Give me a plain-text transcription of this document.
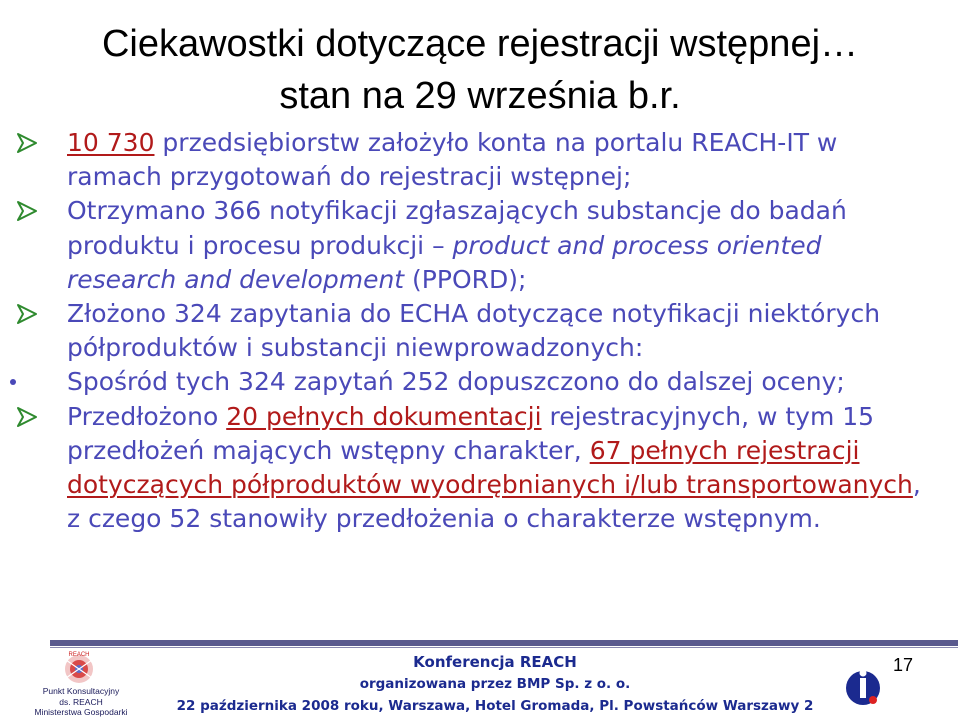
Ciekawostki dotyczące rejestracji wstępnej…
stan na 29 września b.r.
10 730 przedsiębiorstw założyło konta na portalu REACH-IT w ramach przygotowań do rejestracji wstępnej;
Otrzymano 366 notyfikacji zgłaszających substancje do badań produktu i procesu produkcji – product and process oriented research and development (PPORD);
Złożono 324 zapytania do ECHA dotyczące notyfikacji niektórych półproduktów i substancji niewprowadzonych:
Spośród tych 324 zapytań 252 dopuszczono do dalszej oceny;
Przedłożono 20 pełnych dokumentacji rejestracyjnych, w tym 15 przedłożeń mających wstępny charakter, 67 pełnych rejestracji dotyczących półproduktów wyodrębnianych i/lub transportowanych, z czego 52 stanowiły przedłożenia o charakterze wstępnym.
REACH
Punkt Konsultacyjny
ds. REACH
Ministerstwa Gospodarki
Konferencja REACH
organizowana przez BMP Sp. z o. o.
22 października 2008 roku, Warszawa, Hotel Gromada, Pl. Powstańców Warszawy 2
17
